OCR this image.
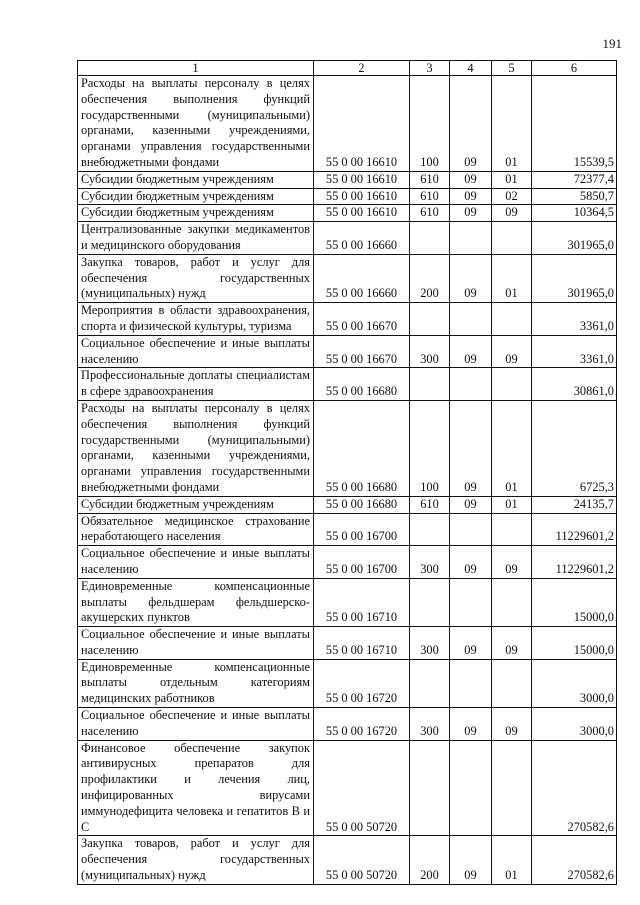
191
1	2	3	4	5	6
Расходы на выплаты персоналу в целях обеспечения выполнения функций государственными (муниципальными) органами, казенными учреждениями, органами управления государственными внебюджетными фондами	55 0 00 16610	100	09	01	15539,5
Субсидии бюджетным учреждениям	55 0 00 16610	610	09	01	72377,4
Субсидии бюджетным учреждениям	55 0 00 16610	610	09	02	5850,7
Субсидии бюджетным учреждениям	55 0 00 16610	610	09	09	10364,5
Централизованные закупки медикаментов и медицинского оборудования	55 0 00 16660				301965,0
Закупка товаров, работ и услуг для обеспечения государственных (муниципальных) нужд	55 0 00 16660	200	09	01	301965,0
Мероприятия в области здравоохранения, спорта и физической культуры, туризма	55 0 00 16670				3361,0
Социальное обеспечение и иные выплаты населению	55 0 00 16670	300	09	09	3361,0
Профессиональные доплаты специалистам в сфере здравоохранения	55 0 00 16680				30861,0
Расходы на выплаты персоналу в целях обеспечения выполнения функций государственными (муниципальными) органами, казенными учреждениями, органами управления государственными внебюджетными фондами	55 0 00 16680	100	09	01	6725,3
Субсидии бюджетным учреждениям	55 0 00 16680	610	09	01	24135,7
Обязательное медицинское страхование неработающего населения	55 0 00 16700				11229601,2
Социальное обеспечение и иные выплаты населению	55 0 00 16700	300	09	09	11229601,2
Единовременные компенсационные выплаты фельдшерам фельдшерско-акушерских пунктов	55 0 00 16710				15000,0
Социальное обеспечение и иные выплаты населению	55 0 00 16710	300	09	09	15000,0
Единовременные компенсационные выплаты отдельным категориям медицинских работников	55 0 00 16720				3000,0
Социальное обеспечение и иные выплаты населению	55 0 00 16720	300	09	09	3000,0
Финансовое обеспечение закупок антивирусных препаратов для профилактики и лечения лиц, инфицированных вирусами иммунодефицита человека и гепатитов B и C	55 0 00 50720				270582,6
Закупка товаров, работ и услуг для обеспечения государственных (муниципальных) нужд	55 0 00 50720	200	09	01	270582,6
